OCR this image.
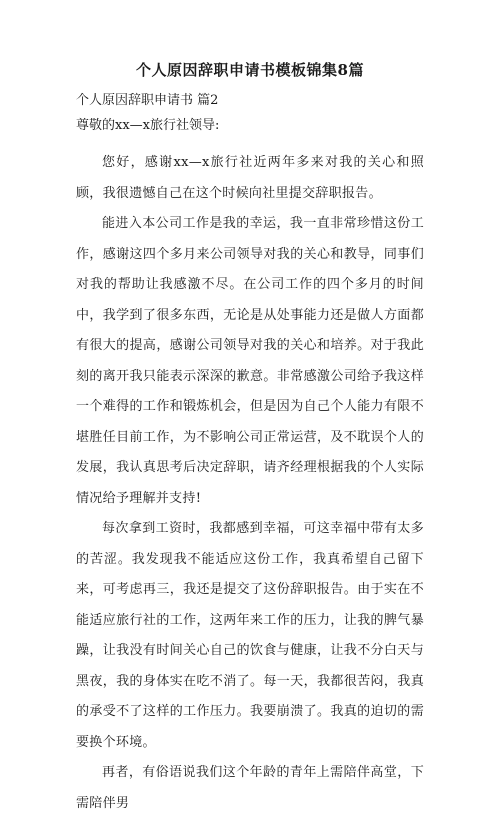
个人原因辞职申请书模板锦集8篇

个人原因辞职申请书 篇2

尊敬的xx—x旅行社领导:

您好，感谢xx—x旅行社近两年多来对我的关心和照顾，我很遗憾自己在这个时候向社里提交辞职报告。

能进入本公司工作是我的幸运，我一直非常珍惜这份工作，感谢这四个多月来公司领导对我的关心和教导，同事们对我的帮助让我感激不尽。在公司工作的四个多月的时间中，我学到了很多东西，无论是从处事能力还是做人方面都有很大的提高，感谢公司领导对我的关心和培养。对于我此刻的离开我只能表示深深的歉意。非常感激公司给予我这样一个难得的工作和锻炼机会，但是因为自己个人能力有限不堪胜任目前工作，为不影响公司正常运营，及不耽误个人的发展，我认真思考后决定辞职，请齐经理根据我的个人实际情况给予理解并支持!

每次拿到工资时，我都感到幸福，可这幸福中带有太多的苦涩。我发现我不能适应这份工作，我真希望自己留下来，可考虑再三，我还是提交了这份辞职报告。由于实在不能适应旅行社的工作，这两年来工作的压力，让我的脾气暴躁，让我没有时间关心自己的饮食与健康，让我不分白天与黑夜，我的身体实在吃不消了。每一天，我都很苦闷，我真的承受不了这样的工作压力。我要崩溃了。我真的迫切的需要换个环境。

再者，有俗语说我们这个年龄的青年上需陪伴高堂，下需陪伴男
